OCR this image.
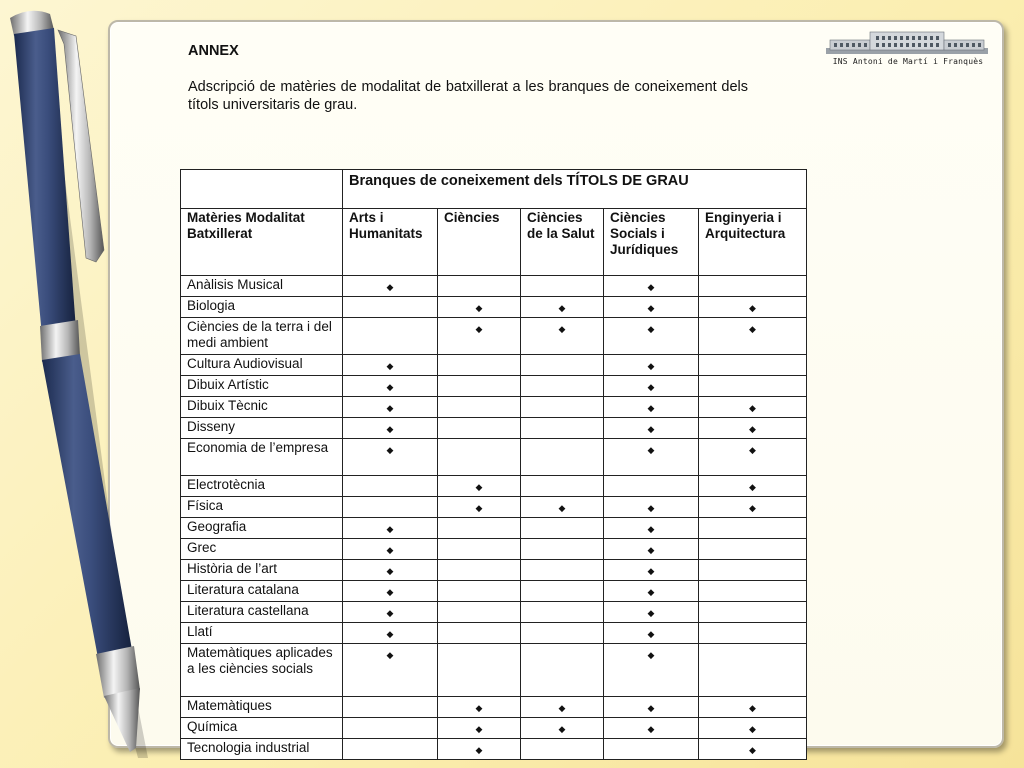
ANNEX
Adscripció de matèries de modalitat de batxillerat a les branques de coneixement dels títols universitaris de grau.
INS Antoni de Martí i Franquès
	Branques de coneixement dels TÍTOLS DE GRAU				
Matèries Modalitat Batxillerat	Arts i Humanitats	Ciències	Ciències de la Salut	Ciències Socials i Jurídiques	Enginyeria i Arquitectura
Anàlisis Musical	◆			◆	
Biologia		◆	◆	◆	◆
Ciències de la terra i del medi ambient		◆	◆	◆	◆
Cultura Audiovisual	◆			◆	
Dibuix Artístic	◆			◆	
Dibuix Tècnic	◆			◆	◆
Disseny	◆			◆	◆
Economia de l’empresa	◆			◆	◆
Electrotècnia		◆			◆
Física		◆	◆	◆	◆
Geografia	◆			◆	
Grec	◆			◆	
Història de l’art	◆			◆	
Literatura catalana	◆			◆	
Literatura castellana	◆			◆	
Llatí	◆			◆	
Matemàtiques aplicades a les ciències socials	◆			◆	
Matemàtiques		◆	◆	◆	◆
Química		◆	◆	◆	◆
Tecnologia industrial		◆			◆
